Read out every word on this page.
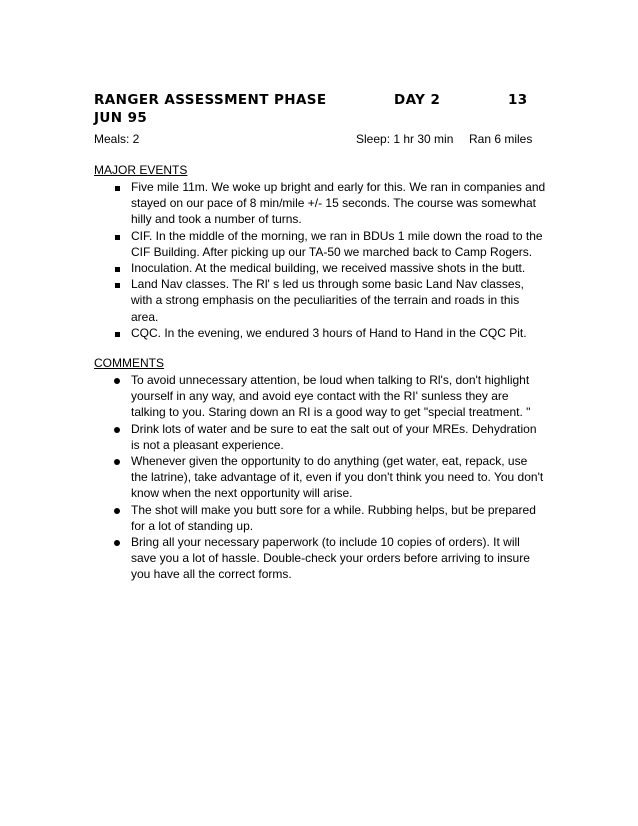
RANGER ASSESSMENT PHASE	DAY 2	13
JUN 95
Meals: 2	Sleep: 1 hr 30 min Ran 6 miles
MAJOR EVENTS
Five mile 11m. We woke up bright and early for this. We ran in companies and stayed on our pace of 8 min/mile +/- 15 seconds. The course was somewhat hilly and took a number of turns.
CIF. In the middle of the morning, we ran in BDUs 1 mile down the road to the CIF Building. After picking up our TA-50 we marched back to Camp Rogers.
Inoculation. At the medical building, we received massive shots in the butt.
Land Nav classes. The Rl' s led us through some basic Land Nav classes, with a strong emphasis on the peculiarities of the terrain and roads in this area.
CQC. In the evening, we endured 3 hours of Hand to Hand in the CQC Pit.
COMMENTS
To avoid unnecessary attention, be loud when talking to Rl's, don't highlight yourself in any way, and avoid eye contact with the RI' sunless they are talking to you. Staring down an RI is a good way to get "special treatment. "
Drink lots of water and be sure to eat the salt out of your MREs. Dehydration is not a pleasant experience.
Whenever given the opportunity to do anything (get water, eat, repack, use the latrine), take advantage of it, even if you don't think you need to. You don't know when the next opportunity will arise.
The shot will make you butt sore for a while. Rubbing helps, but be prepared for a lot of standing up.
Bring all your necessary paperwork (to include 10 copies of orders). It will save you a lot of hassle. Double-check your orders before arriving to insure you have all the correct forms.
